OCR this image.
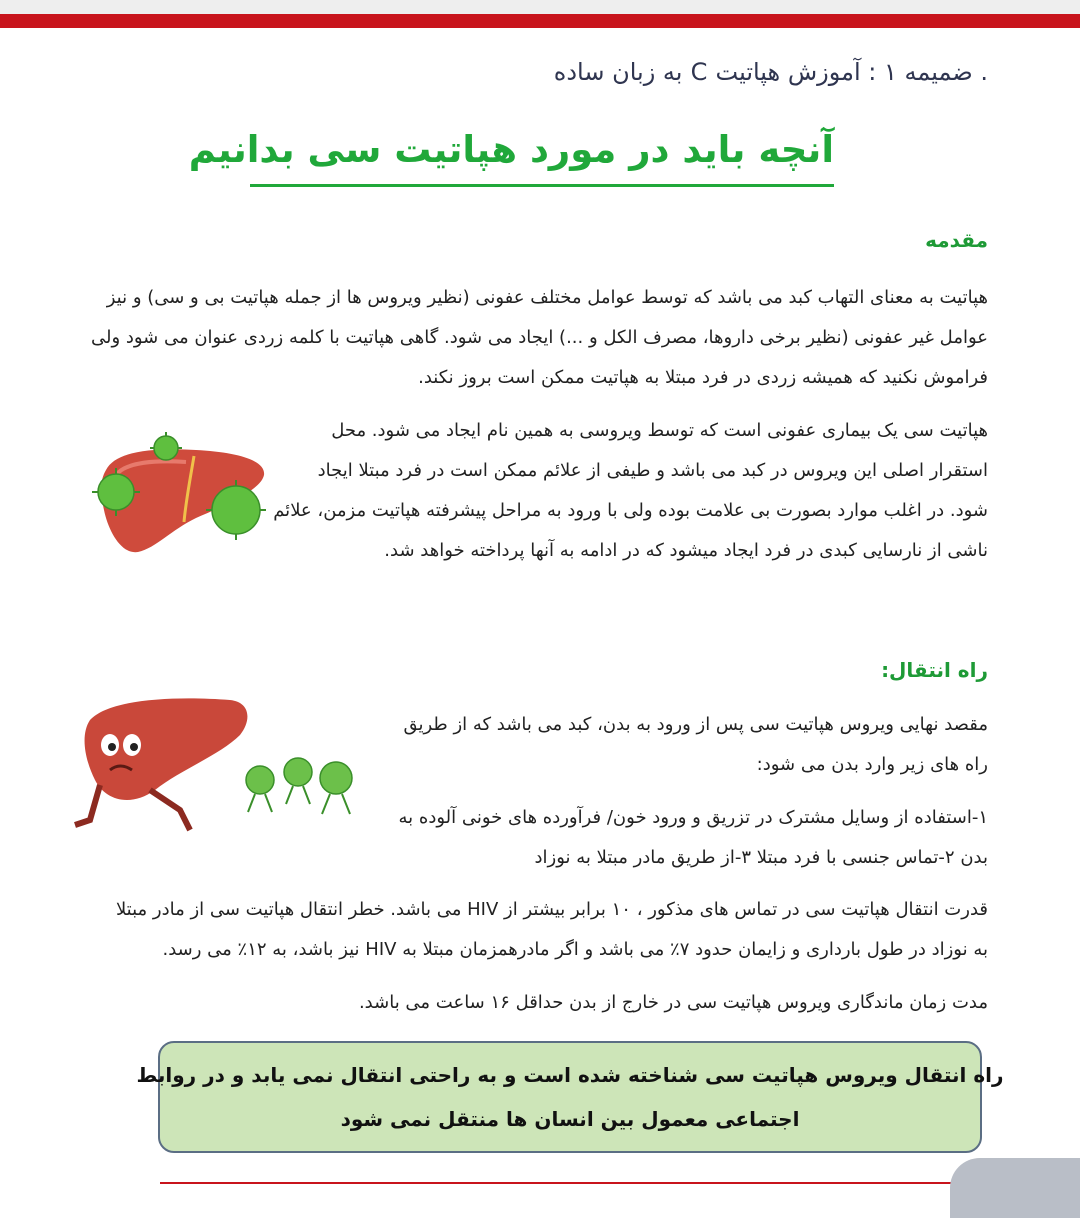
. ضمیمه ۱ : آموزش هپاتیت C به زبان ساده
آنچه باید در مورد هپاتیت سی بدانیم
مقدمه
هپاتیت به معنای التهاب کبد می باشد که توسط عوامل مختلف عفونی (نظیر ویروس ها از جمله هپاتیت بی و سی) و نیز
عوامل غیر عفونی (نظیر برخی داروها، مصرف الکل و ...) ایجاد می شود. گاهی هپاتیت با کلمه زردی عنوان می شود ولی
فراموش نکنید که همیشه زردی در فرد مبتلا به هپاتیت ممکن است بروز نکند.
هپاتیت سی یک بیماری عفونی است که توسط ویروسی به همین نام ایجاد می شود. محل
استقرار اصلی این ویروس در کبد می باشد و طیفی از علائم ممکن است در فرد مبتلا ایجاد
شود. در اغلب موارد بصورت بی علامت بوده ولی با ورود به مراحل پیشرفته هپاتیت مزمن، علائم
ناشی از نارسایی کبدی در فرد ایجاد میشود که در ادامه به آنها پرداخته خواهد شد.
راه انتقال:
مقصد نهایی ویروس هپاتیت سی پس از ورود به بدن، کبد می باشد که از طریق
راه های زیر وارد بدن می شود:
۱-استفاده از وسایل مشترک در تزریق و ورود خون/ فرآورده های خونی آلوده به
بدن ۲-تماس جنسی با فرد مبتلا ۳-از طریق مادر مبتلا به نوزاد
قدرت انتقال هپاتیت سی در تماس های مذکور ، ۱۰ برابر بیشتر از HIV می باشد. خطر انتقال هپاتیت سی از مادر مبتلا
به نوزاد در طول بارداری و زایمان حدود ۷٪ می باشد و اگر مادرهمزمان مبتلا به HIV نیز باشد، به ۱۲٪ می رسد.
مدت زمان ماندگاری ویروس هپاتیت سی در خارج از بدن حداقل ۱۶ ساعت می باشد.
راه انتقال ویروس هپاتیت سی شناخته شده است و به راحتی انتقال نمی یابد و در روابط
اجتماعی معمول بین انسان ها منتقل نمی شود
